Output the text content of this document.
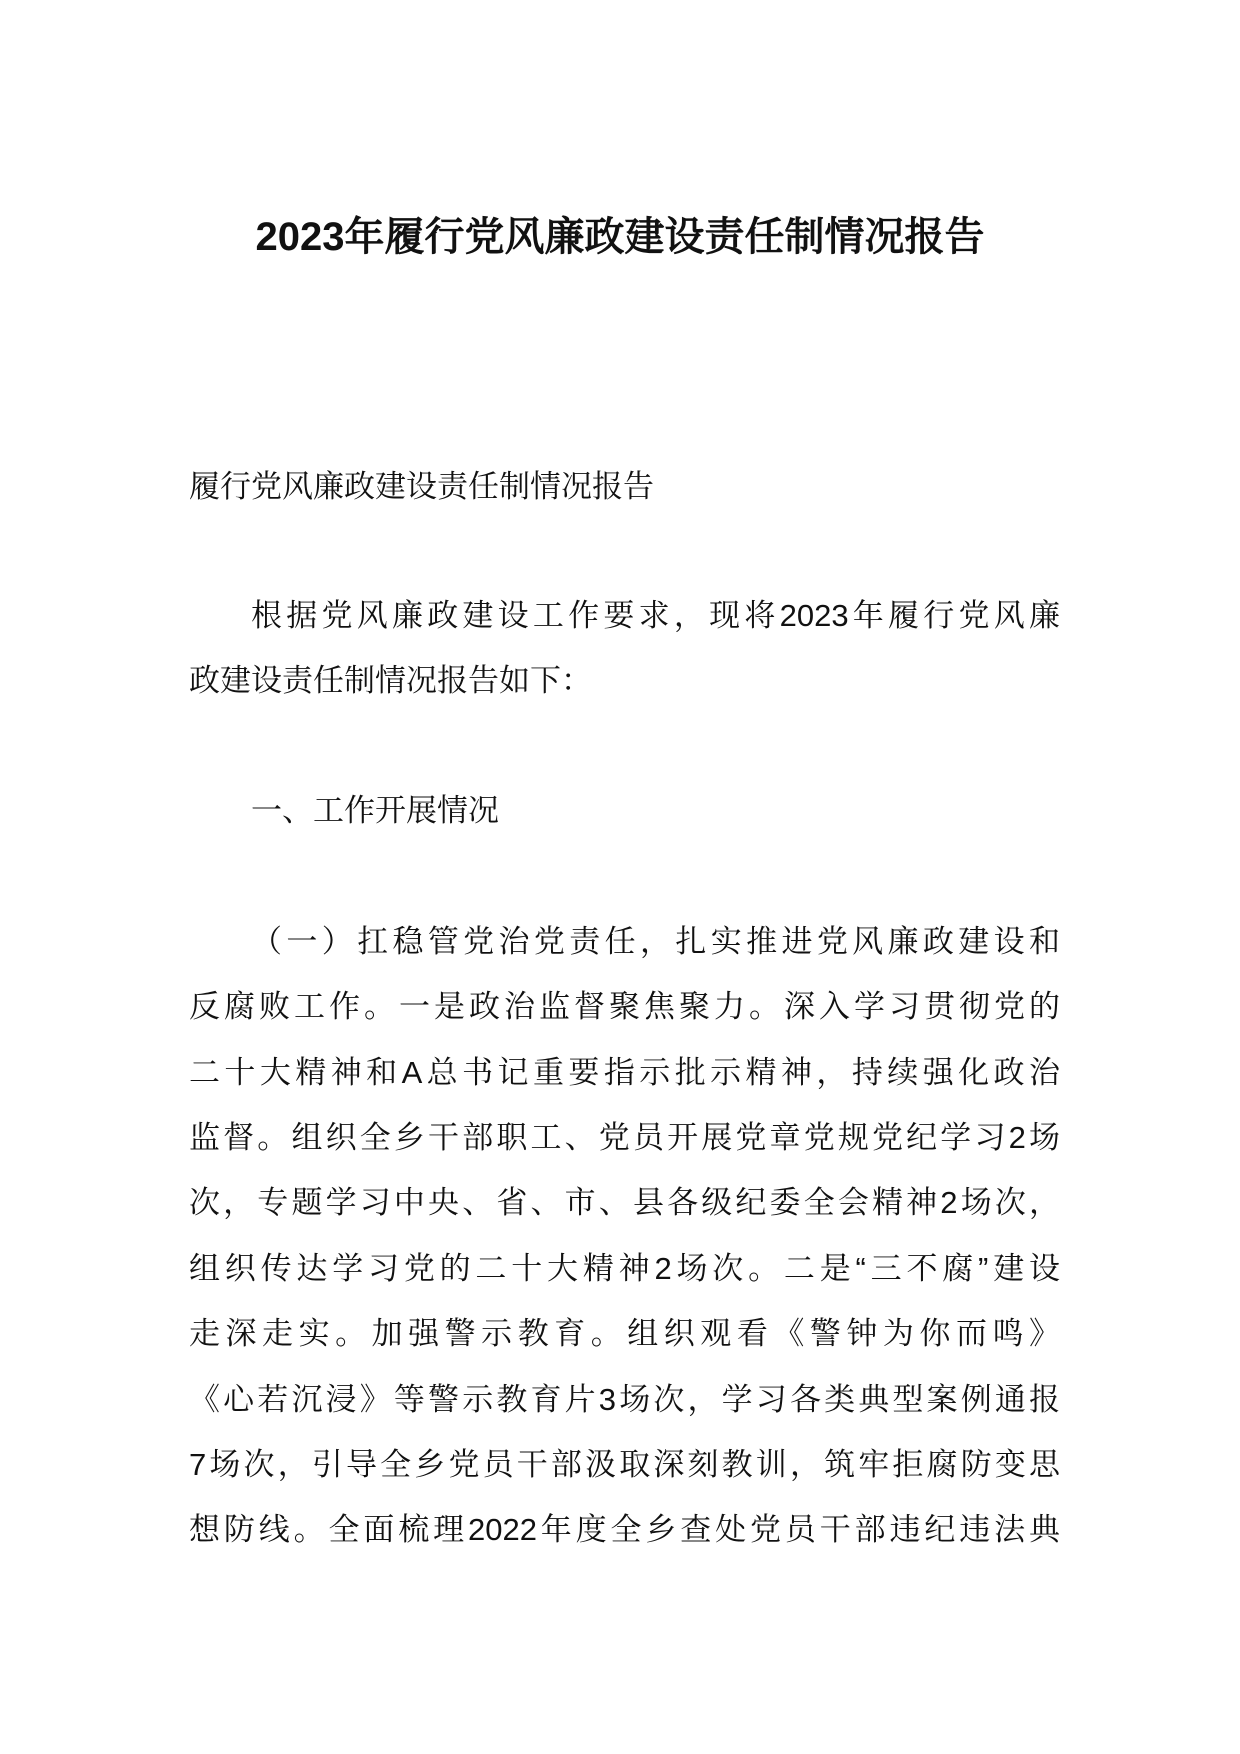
2023年履行党风廉政建设责任制情况报告
履行党风廉政建设责任制情况报告
根据党风廉政建设工作要求，现将2023年履行党风廉
政建设责任制情况报告如下：
一、工作开展情况
（一）扛稳管党治党责任，扎实推进党风廉政建设和
反腐败工作。一是政治监督聚焦聚力。深入学习贯彻党的
二十大精神和A总书记重要指示批示精神，持续强化政治
监督。组织全乡干部职工、党员开展党章党规党纪学习2场
次，专题学习中央、省、市、县各级纪委全会精神2场次，
组织传达学习党的二十大精神2场次。二是“三不腐”建设
走深走实。加强警示教育。组织观看《警钟为你而鸣》
《心若沉浸》等警示教育片3场次，学习各类典型案例通报
7场次，引导全乡党员干部汲取深刻教训，筑牢拒腐防变思
想防线。全面梳理2022年度全乡查处党员干部违纪违法典
